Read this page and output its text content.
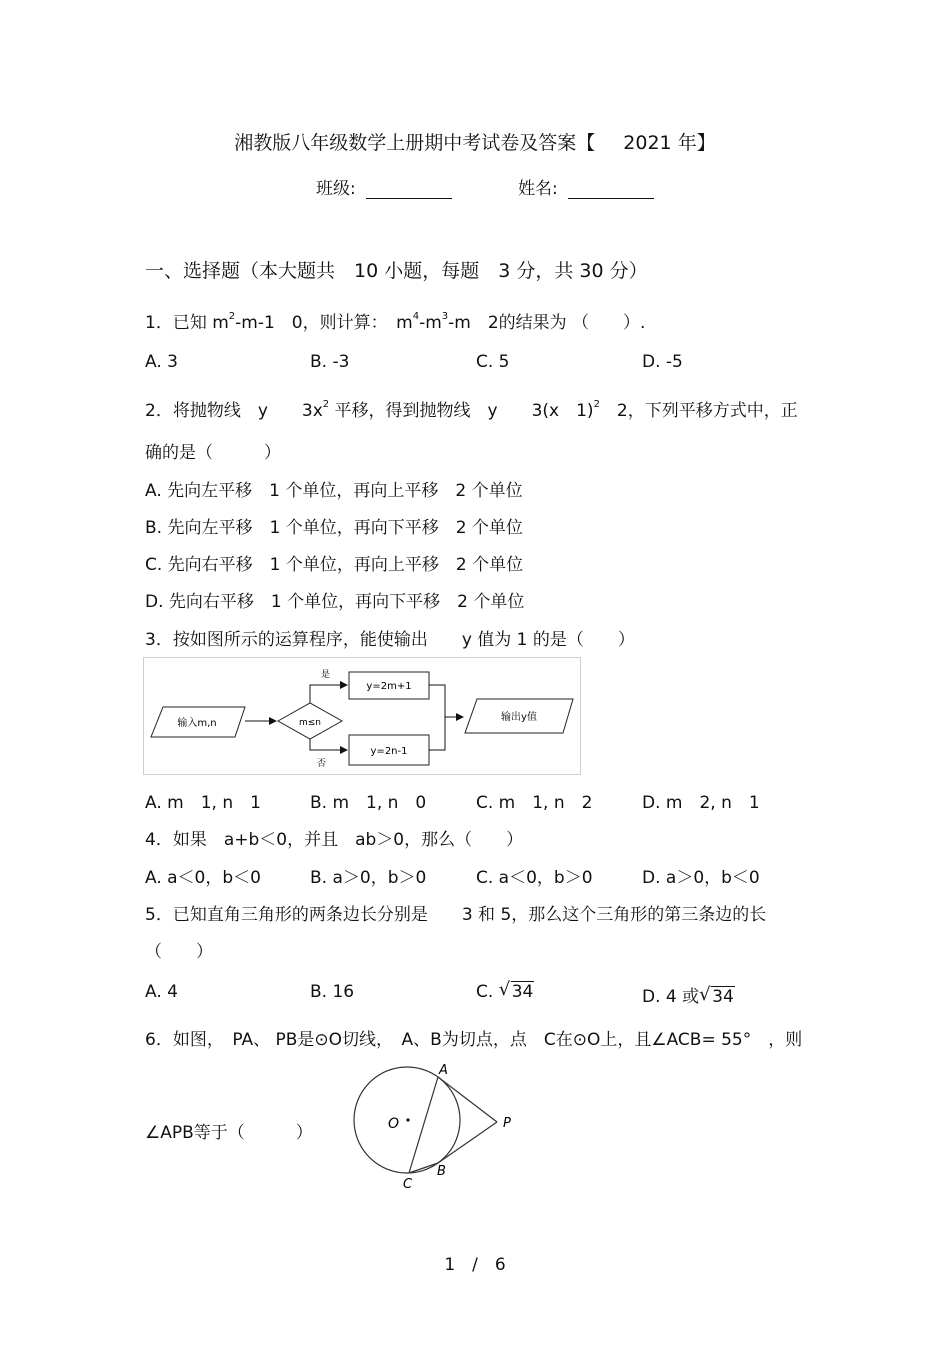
湘教版八年级数学上册期中考试卷及答案【 2021 年】
班级:	姓名:
一、选择题（本大题共　10 小题，每题　3 分，共 30 分）
1．已知 $m^2-m-1$　0，则计算：　$m^4-m^3-m$　2的结果为 （　　）.
A. 3	B. -3	C. 5	D. -5
2．将抛物线　y　　$3x^2$ 平移，得到抛物线　y　　3(x　1)$^2$　2，下列平移方式中，正
确的是（　　　）
A. 先向左平移　1 个单位，再向上平移　2 个单位
B. 先向左平移　1 个单位，再向下平移　2 个单位
C. 先向右平移　1 个单位，再向上平移　2 个单位
D. 先向右平移　1 个单位，再向下平移　2 个单位
3．按如图所示的运算程序，能使输出　　y 值为 1 的是（　　）
输入m,n	m≤n
是
y=2m+1
否
y=2n-1
输出y值
A. m　1, n　1	B. m　1, n　0	C. m　1, n　2	D. m　2, n　1
4．如果　a+b＜0，并且　ab＞0，那么（　　）
A. a＜0，b＜0	B. a＞0，b＞0	C. a＜0，b＞0	D. a＞0，b＜0
5．已知直角三角形的两条边长分别是　　3 和 5，那么这个三角形的第三条边的长
（　　）
A. 4	B. 16	C. √ 34	D. 4 或 √ 34
6．如图，　PA、 PB是⊙O切线，　A、B为切点，点　C在⊙O上，且∠ACB= 55°　，则
∠APB等于（　　　）	O
A
B
C
P
1　/　6
